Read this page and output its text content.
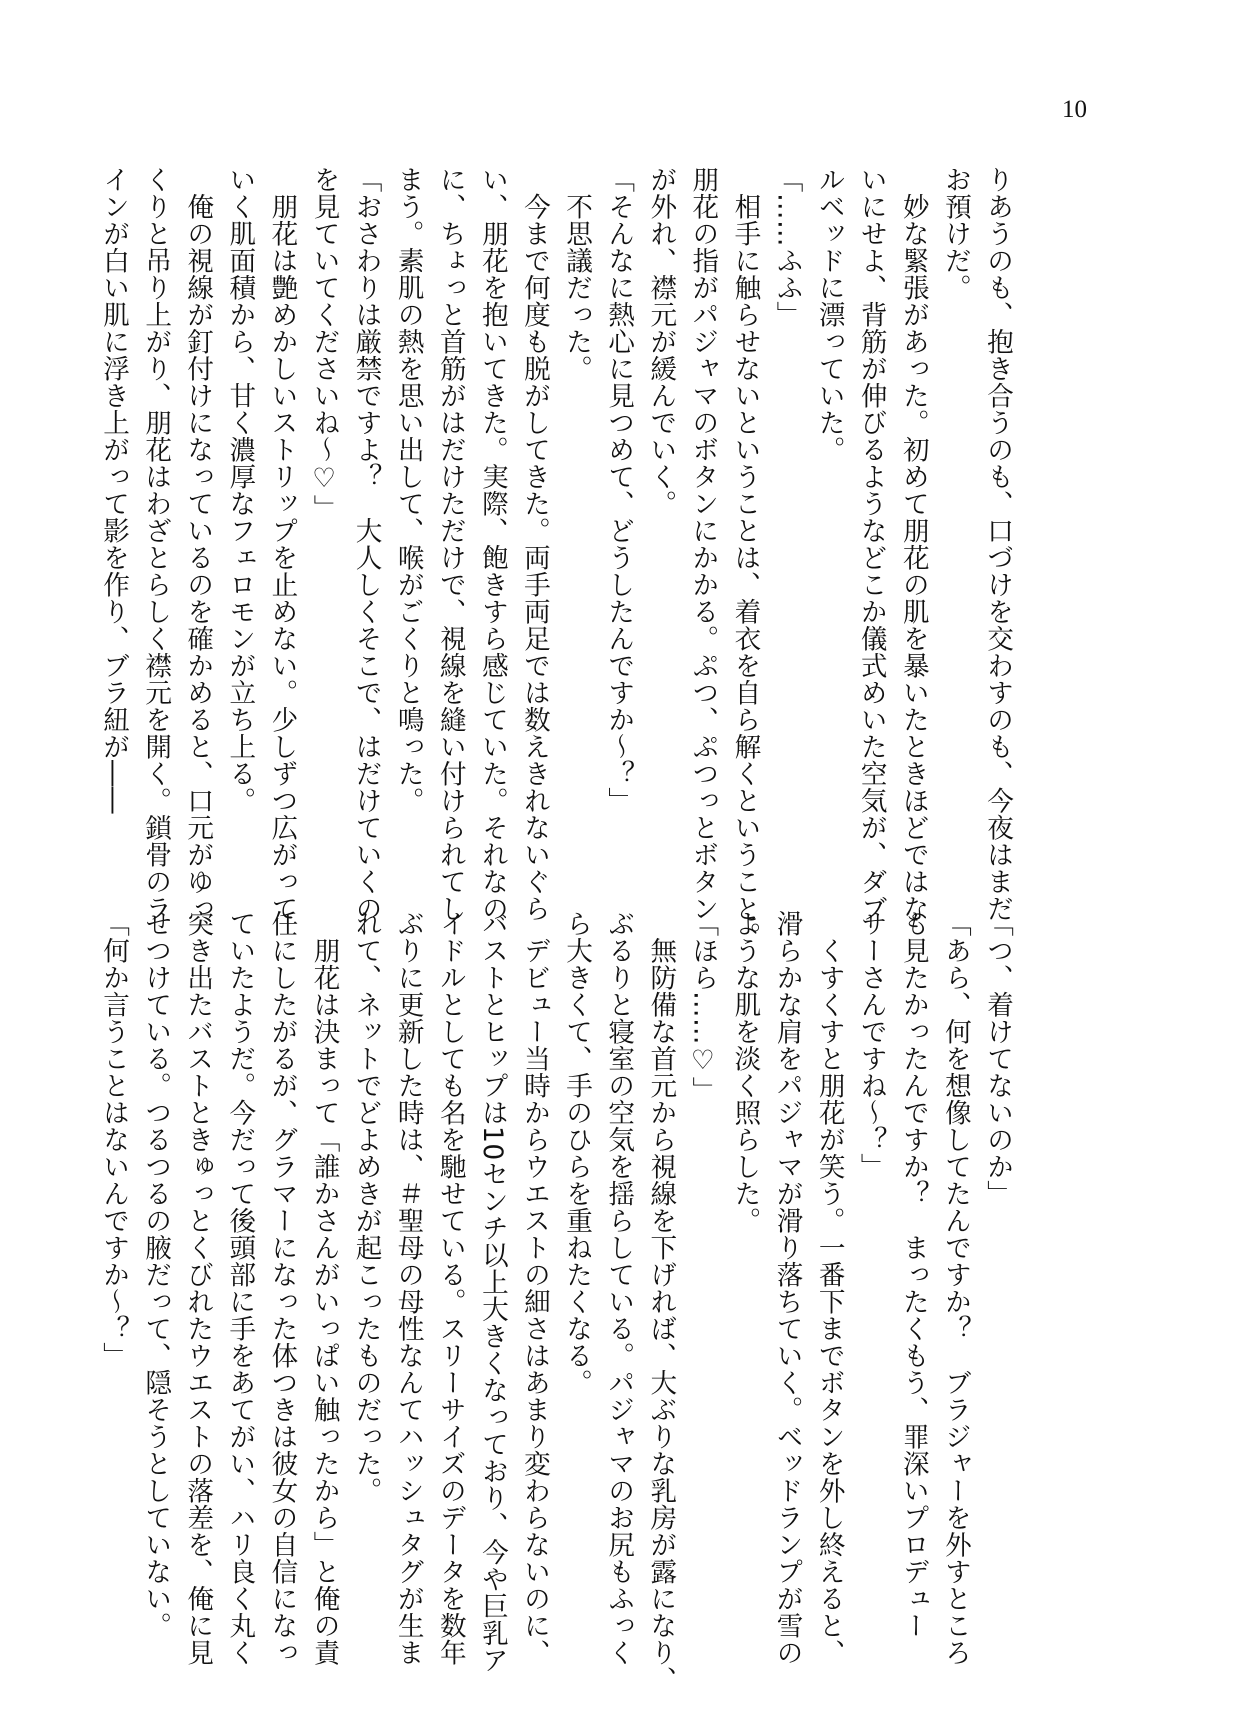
10

りあうのも、抱き合うのも、口づけを交わすのも、今夜はまだ

お預けだ。

　妙な緊張があった。初めて朋花の肌を暴いたときほどではな

いにせよ、背筋が伸びるようなどこか儀式めいた空気が、ダブ

ルベッドに漂っていた。

「……ふふ」

　相手に触らせないということは、着衣を自ら解くということ。

朋花の指がパジャマのボタンにかかる。ぷつ、ぷつっとボタン

が外れ、襟元が緩んでいく。

「そんなに熱心に見つめて、どうしたんですか～？」

　不思議だった。

　今まで何度も脱がしてきた。両手両足では数えきれないぐら

い、朋花を抱いてきた。実際、飽きすら感じていた。それなの

に、ちょっと首筋がはだけただけで、視線を縫い付けられてし

まう。素肌の熱を思い出して、喉がごくりと鳴った。

「おさわりは厳禁ですよ？　大人しくそこで、はだけていくの

を見ていてくださいね～♡」

　朋花は艶めかしいストリップを止めない。少しずつ広がって

いく肌面積から、甘く濃厚なフェロモンが立ち上る。

　俺の視線が釘付けになっているのを確かめると、口元がゆっ

くりと吊り上がり、朋花はわざとらしく襟元を開く。鎖骨のラ

インが白い肌に浮き上がって影を作り、ブラ紐が――

「つ、着けてないのか」

「あら、何を想像してたんですか？　ブラジャーを外すところ

も見たかったんですか？　まったくもう、罪深いプロデュー

サーさんですね～？」

　くすくすと朋花が笑う。一番下までボタンを外し終えると、

滑らかな肩をパジャマが滑り落ちていく。ベッドランプが雪の

ような肌を淡く照らした。

「ほら……♡」

　無防備な首元から視線を下げれば、大ぶりな乳房が露になり、

ぶるりと寝室の空気を揺らしている。パジャマのお尻もふっく

ら大きくて、手のひらを重ねたくなる。

　デビュー当時からウエストの細さはあまり変わらないのに、

バストとヒップは10センチ以上大きくなっており、今や巨乳ア

イドルとしても名を馳せている。スリーサイズのデータを数年

ぶりに更新した時は、＃聖母の母性なんてハッシュタグが生ま

れて、ネットでどよめきが起こったものだった。

　朋花は決まって「誰かさんがいっぱい触ったから」と俺の責

任にしたがるが、グラマーになった体つきは彼女の自信になっ

ていたようだ。今だって後頭部に手をあてがい、ハリ良く丸く

突き出たバストときゅっとくびれたウエストの落差を、俺に見

せつけている。つるつるの腋だって、隠そうとしていない。

「何か言うことはないんですか～？」
